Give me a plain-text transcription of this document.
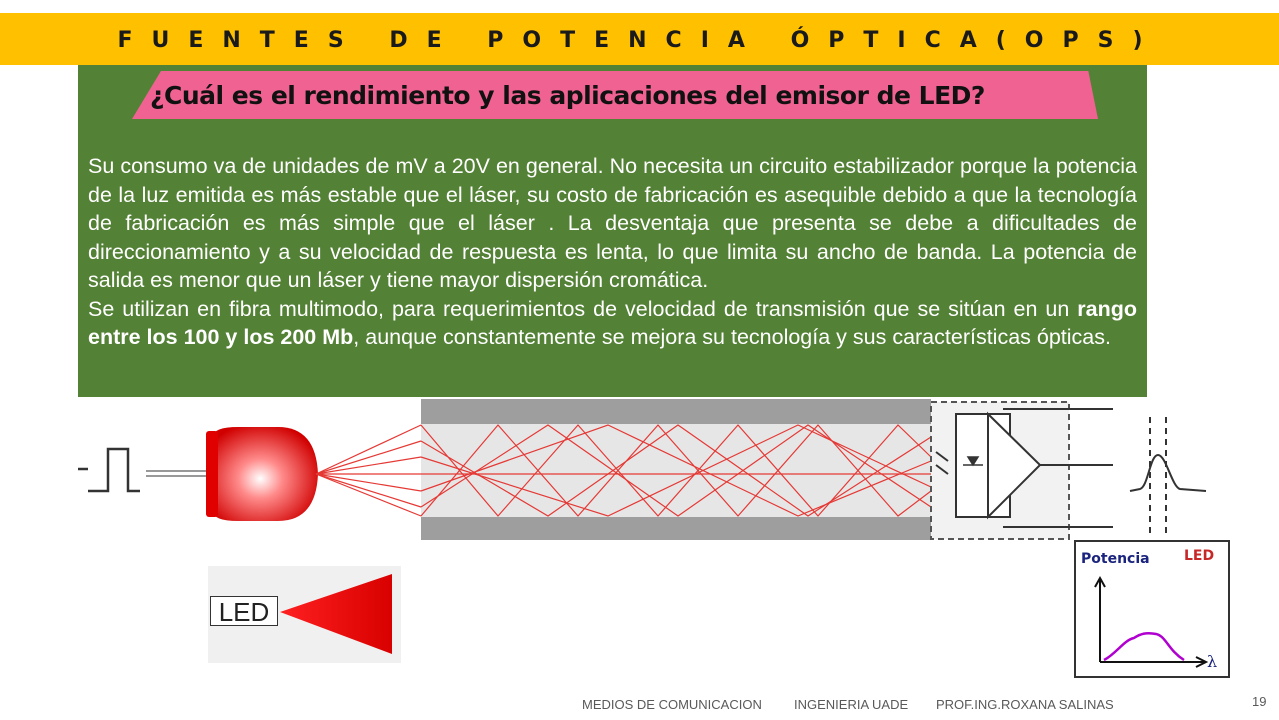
FUENTES DE POTENCIA ÓPTICA(OPS)
¿Cuál es el rendimiento y las aplicaciones del emisor de LED?

Su consumo va de unidades de mV a 20V en general. No necesita un circuito estabilizador porque la potencia de la luz emitida es más estable que el láser, su costo de fabricación es asequible debido a que la tecnología de fabricación es más simple que el láser . La desventaja que presenta se debe a dificultades de direccionamiento y a su velocidad de respuesta es lenta, lo que limita su ancho de banda. La potencia de salida es menor que un láser y tiene mayor dispersión cromática.

Se utilizan en fibra multimodo, para requerimientos de velocidad de transmisión que se sitúan en un rango entre los 100 y los 200 Mb, aunque constantemente se mejora su tecnología y sus características ópticas.

LED
Potencia LED
λ
MEDIOS DE COMUNICACION INGENIERIA UADE PROF.ING.ROXANA SALINAS	19
